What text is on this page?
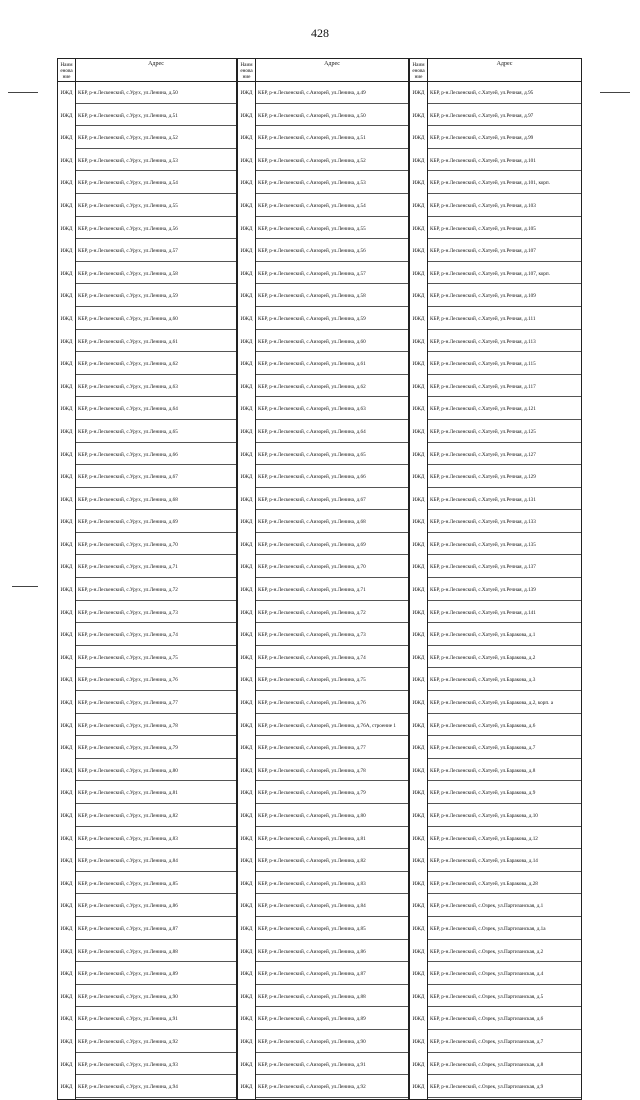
428
Наим енова ние
Адрес
ИЖД	КБР, р-н.Лескенский, с.Урух, ул.Ленина, д.50
ИЖД	КБР, р-н.Лескенский, с.Урух, ул.Ленина, д.51
ИЖД	КБР, р-н.Лескенский, с.Урух, ул.Ленина, д.52
ИЖД	КБР, р-н.Лескенский, с.Урух, ул.Ленина, д.53
ИЖД	КБР, р-н.Лескенский, с.Урух, ул.Ленина, д.54
ИЖД	КБР, р-н.Лескенский, с.Урух, ул.Ленина, д.55
ИЖД	КБР, р-н.Лескенский, с.Урух, ул.Ленина, д.56
ИЖД	КБР, р-н.Лескенский, с.Урух, ул.Ленина, д.57
ИЖД	КБР, р-н.Лескенский, с.Урух, ул.Ленина, д.58
ИЖД	КБР, р-н.Лескенский, с.Урух, ул.Ленина, д.59
ИЖД	КБР, р-н.Лескенский, с.Урух, ул.Ленина, д.60
ИЖД	КБР, р-н.Лескенский, с.Урух, ул.Ленина, д.61
ИЖД	КБР, р-н.Лескенский, с.Урух, ул.Ленина, д.62
ИЖД	КБР, р-н.Лескенский, с.Урух, ул.Ленина, д.63
ИЖД	КБР, р-н.Лескенский, с.Урух, ул.Ленина, д.64
ИЖД	КБР, р-н.Лескенский, с.Урух, ул.Ленина, д.65
ИЖД	КБР, р-н.Лескенский, с.Урух, ул.Ленина, д.66
ИЖД	КБР, р-н.Лескенский, с.Урух, ул.Ленина, д.67
ИЖД	КБР, р-н.Лескенский, с.Урух, ул.Ленина, д.68
ИЖД	КБР, р-н.Лескенский, с.Урух, ул.Ленина, д.69
ИЖД	КБР, р-н.Лескенский, с.Урух, ул.Ленина, д.70
ИЖД	КБР, р-н.Лескенский, с.Урух, ул.Ленина, д.71
ИЖД	КБР, р-н.Лескенский, с.Урух, ул.Ленина, д.72
ИЖД	КБР, р-н.Лескенский, с.Урух, ул.Ленина, д.73
ИЖД	КБР, р-н.Лескенский, с.Урух, ул.Ленина, д.74
ИЖД	КБР, р-н.Лескенский, с.Урух, ул.Ленина, д.75
ИЖД	КБР, р-н.Лескенский, с.Урух, ул.Ленина, д.76
ИЖД	КБР, р-н.Лескенский, с.Урух, ул.Ленина, д.77
ИЖД	КБР, р-н.Лескенский, с.Урух, ул.Ленина, д.78
ИЖД	КБР, р-н.Лескенский, с.Урух, ул.Ленина, д.79
ИЖД	КБР, р-н.Лескенский, с.Урух, ул.Ленина, д.80
ИЖД	КБР, р-н.Лескенский, с.Урух, ул.Ленина, д.81
ИЖД	КБР, р-н.Лескенский, с.Урух, ул.Ленина, д.82
ИЖД	КБР, р-н.Лескенский, с.Урух, ул.Ленина, д.83
ИЖД	КБР, р-н.Лескенский, с.Урух, ул.Ленина, д.84
ИЖД	КБР, р-н.Лескенский, с.Урух, ул.Ленина, д.85
ИЖД	КБР, р-н.Лескенский, с.Урух, ул.Ленина, д.86
ИЖД	КБР, р-н.Лескенский, с.Урух, ул.Ленина, д.87
ИЖД	КБР, р-н.Лескенский, с.Урух, ул.Ленина, д.88
ИЖД	КБР, р-н.Лескенский, с.Урух, ул.Ленина, д.89
ИЖД	КБР, р-н.Лескенский, с.Урух, ул.Ленина, д.90
ИЖД	КБР, р-н.Лескенский, с.Урух, ул.Ленина, д.91
ИЖД	КБР, р-н.Лескенский, с.Урух, ул.Ленина, д.92
ИЖД	КБР, р-н.Лескенский, с.Урух, ул.Ленина, д.93
ИЖД	КБР, р-н.Лескенский, с.Урух, ул.Ленина, д.94
Наим енова ние
Адрес
ИЖД	КБР, р-н.Лескенский, с.Аизорей, ул.Ленина, д.49
ИЖД	КБР, р-н.Лескенский, с.Аизорей, ул.Ленина, д.50
ИЖД	КБР, р-н.Лескенский, с.Аизорей, ул.Ленина, д.51
ИЖД	КБР, р-н.Лескенский, с.Аизорей, ул.Ленина, д.52
ИЖД	КБР, р-н.Лескенский, с.Аизорей, ул.Ленина, д.53
ИЖД	КБР, р-н.Лескенский, с.Аизорей, ул.Ленина, д.54
ИЖД	КБР, р-н.Лескенский, с.Аизорей, ул.Ленина, д.55
ИЖД	КБР, р-н.Лескенский, с.Аизорей, ул.Ленина, д.56
ИЖД	КБР, р-н.Лескенский, с.Аизорей, ул.Ленина, д.57
ИЖД	КБР, р-н.Лескенский, с.Аизорей, ул.Ленина, д.58
ИЖД	КБР, р-н.Лескенский, с.Аизорей, ул.Ленина, д.59
ИЖД	КБР, р-н.Лескенский, с.Аизорей, ул.Ленина, д.60
ИЖД	КБР, р-н.Лескенский, с.Аизорей, ул.Ленина, д.61
ИЖД	КБР, р-н.Лескенский, с.Аизорей, ул.Ленина, д.62
ИЖД	КБР, р-н.Лескенский, с.Аизорей, ул.Ленина, д.63
ИЖД	КБР, р-н.Лескенский, с.Аизорей, ул.Ленина, д.64
ИЖД	КБР, р-н.Лескенский, с.Аизорей, ул.Ленина, д.65
ИЖД	КБР, р-н.Лескенский, с.Аизорей, ул.Ленина, д.66
ИЖД	КБР, р-н.Лескенский, с.Аизорей, ул.Ленина, д.67
ИЖД	КБР, р-н.Лескенский, с.Аизорей, ул.Ленина, д.68
ИЖД	КБР, р-н.Лескенский, с.Аизорей, ул.Ленина, д.69
ИЖД	КБР, р-н.Лескенский, с.Аизорей, ул.Ленина, д.70
ИЖД	КБР, р-н.Лескенский, с.Аизорей, ул.Ленина, д.71
ИЖД	КБР, р-н.Лескенский, с.Аизорей, ул.Ленина, д.72
ИЖД	КБР, р-н.Лескенский, с.Аизорей, ул.Ленина, д.73
ИЖД	КБР, р-н.Лескенский, с.Аизорей, ул.Ленина, д.74
ИЖД	КБР, р-н.Лескенский, с.Аизорей, ул.Ленина, д.75
ИЖД	КБР, р-н.Лескенский, с.Аизорей, ул.Ленина, д.76
ИЖД	КБР, р-н.Лескенский, с.Аизорей, ул.Ленина, д.76А, строение 1
ИЖД	КБР, р-н.Лескенский, с.Аизорей, ул.Ленина, д.77
ИЖД	КБР, р-н.Лескенский, с.Аизорей, ул.Ленина, д.78
ИЖД	КБР, р-н.Лескенский, с.Аизорей, ул.Ленина, д.79
ИЖД	КБР, р-н.Лескенский, с.Аизорей, ул.Ленина, д.80
ИЖД	КБР, р-н.Лескенский, с.Аизорей, ул.Ленина, д.81
ИЖД	КБР, р-н.Лескенский, с.Аизорей, ул.Ленина, д.82
ИЖД	КБР, р-н.Лескенский, с.Аизорей, ул.Ленина, д.83
ИЖД	КБР, р-н.Лескенский, с.Аизорей, ул.Ленина, д.84
ИЖД	КБР, р-н.Лескенский, с.Аизорей, ул.Ленина, д.85
ИЖД	КБР, р-н.Лескенский, с.Аизорей, ул.Ленина, д.86
ИЖД	КБР, р-н.Лескенский, с.Аизорей, ул.Ленина, д.87
ИЖД	КБР, р-н.Лескенский, с.Аизорей, ул.Ленина, д.88
ИЖД	КБР, р-н.Лескенский, с.Аизорей, ул.Ленина, д.89
ИЖД	КБР, р-н.Лескенский, с.Аизорей, ул.Ленина, д.90
ИЖД	КБР, р-н.Лескенский, с.Аизорей, ул.Ленина, д.91
ИЖД	КБР, р-н.Лескенский, с.Аизорей, ул.Ленина, д.92
Наим енова ние
Адрес
ИЖД	КБР, р-н.Лескенский, с.Хатуей, ул.Речная, д.95
ИЖД	КБР, р-н.Лескенский, с.Хатуей, ул.Речная, д.97
ИЖД	КБР, р-н.Лескенский, с.Хатуей, ул.Речная, д.99
ИЖД	КБР, р-н.Лескенский, с.Хатуей, ул.Речная, д.101
ИЖД	КБР, р-н.Лескенский, с.Хатуей, ул.Речная, д.101, корп.
ИЖД	КБР, р-н.Лескенский, с.Хатуей, ул.Речная, д.103
ИЖД	КБР, р-н.Лескенский, с.Хатуей, ул.Речная, д.105
ИЖД	КБР, р-н.Лескенский, с.Хатуей, ул.Речная, д.107
ИЖД	КБР, р-н.Лескенский, с.Хатуей, ул.Речная, д.107, корп.
ИЖД	КБР, р-н.Лескенский, с.Хатуей, ул.Речная, д.109
ИЖД	КБР, р-н.Лескенский, с.Хатуей, ул.Речная, д.111
ИЖД	КБР, р-н.Лескенский, с.Хатуей, ул.Речная, д.113
ИЖД	КБР, р-н.Лескенский, с.Хатуей, ул.Речная, д.115
ИЖД	КБР, р-н.Лескенский, с.Хатуей, ул.Речная, д.117
ИЖД	КБР, р-н.Лескенский, с.Хатуей, ул.Речная, д.121
ИЖД	КБР, р-н.Лескенский, с.Хатуей, ул.Речная, д.125
ИЖД	КБР, р-н.Лескенский, с.Хатуей, ул.Речная, д.127
ИЖД	КБР, р-н.Лескенский, с.Хатуей, ул.Речная, д.129
ИЖД	КБР, р-н.Лескенский, с.Хатуей, ул.Речная, д.131
ИЖД	КБР, р-н.Лескенский, с.Хатуей, ул.Речная, д.133
ИЖД	КБР, р-н.Лескенский, с.Хатуей, ул.Речная, д.135
ИЖД	КБР, р-н.Лескенский, с.Хатуей, ул.Речная, д.137
ИЖД	КБР, р-н.Лескенский, с.Хатуей, ул.Речная, д.139
ИЖД	КБР, р-н.Лескенский, с.Хатуей, ул.Речная, д.141
ИЖД	КБР, р-н.Лескенский, с.Хатуей, ул.Баракова, д.1
ИЖД	КБР, р-н.Лескенский, с.Хатуей, ул.Баракова, д.2
ИЖД	КБР, р-н.Лескенский, с.Хатуей, ул.Баракова, д.3
ИЖД	КБР, р-н.Лескенский, с.Хатуей, ул.Баракова, д.2, корп. а
ИЖД	КБР, р-н.Лескенский, с.Хатуей, ул.Баракова, д.6
ИЖД	КБР, р-н.Лескенский, с.Хатуей, ул.Баракова, д.7
ИЖД	КБР, р-н.Лескенский, с.Хатуей, ул.Баракова, д.8
ИЖД	КБР, р-н.Лескенский, с.Хатуей, ул.Баракова, д.9
ИЖД	КБР, р-н.Лескенский, с.Хатуей, ул.Баракова, д.10
ИЖД	КБР, р-н.Лескенский, с.Хатуей, ул.Баракова, д.12
ИЖД	КБР, р-н.Лескенский, с.Хатуей, ул.Баракова, д.14
ИЖД	КБР, р-н.Лескенский, с.Хатуей, ул.Баракова, д.28
ИЖД	КБР, р-н.Лескенский, с.Озрек, ул.Партизанская, д.1
ИЖД	КБР, р-н.Лескенский, с.Озрек, ул.Партизанская, д.1а
ИЖД	КБР, р-н.Лескенский, с.Озрек, ул.Партизанская, д.2
ИЖД	КБР, р-н.Лескенский, с.Озрек, ул.Партизанская, д.4
ИЖД	КБР, р-н.Лескенский, с.Озрек, ул.Партизанская, д.5
ИЖД	КБР, р-н.Лескенский, с.Озрек, ул.Партизанская, д.6
ИЖД	КБР, р-н.Лескенский, с.Озрек, ул.Партизанская, д.7
ИЖД	КБР, р-н.Лескенский, с.Озрек, ул.Партизанская, д.8
ИЖД	КБР, р-н.Лескенский, с.Озрек, ул.Партизанская, д.9
